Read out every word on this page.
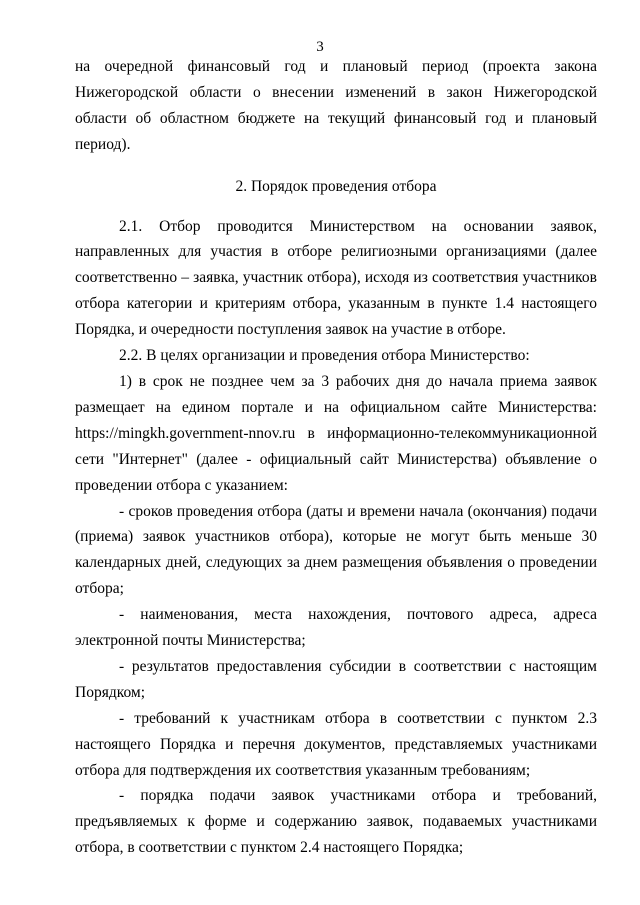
3

на очередной финансовый год и плановый период (проекта закона Нижегородской области о внесении изменений в закон Нижегородской области об областном бюджете на текущий финансовый год и плановый период).

2. Порядок проведения отбора

2.1. Отбор проводится Министерством на основании заявок, направленных для участия в отборе религиозными организациями (далее соответственно – заявка, участник отбора), исходя из соответствия участников отбора категории и критериям отбора, указанным в пункте 1.4 настоящего Порядка, и очередности поступления заявок на участие в отборе.

2.2. В целях организации и проведения отбора Министерство:

1) в срок не позднее чем за 3 рабочих дня до начала приема заявок размещает на едином портале и на официальном сайте Министерства: https://mingkh.government-nnov.ru в информационно-телекоммуникационной сети "Интернет" (далее - официальный сайт Министерства) объявление о проведении отбора с указанием:

- сроков проведения отбора (даты и времени начала (окончания) подачи (приема) заявок участников отбора), которые не могут быть меньше 30 календарных дней, следующих за днем размещения объявления о проведении отбора;

- наименования, места нахождения, почтового адреса, адреса электронной почты Министерства;

- результатов предоставления субсидии в соответствии с настоящим Порядком;

- требований к участникам отбора в соответствии с пунктом 2.3 настоящего Порядка и перечня документов, представляемых участниками отбора для подтверждения их соответствия указанным требованиям;

- порядка подачи заявок участниками отбора и требований, предъявляемых к форме и содержанию заявок, подаваемых участниками отбора, в соответствии с пунктом 2.4 настоящего Порядка;
